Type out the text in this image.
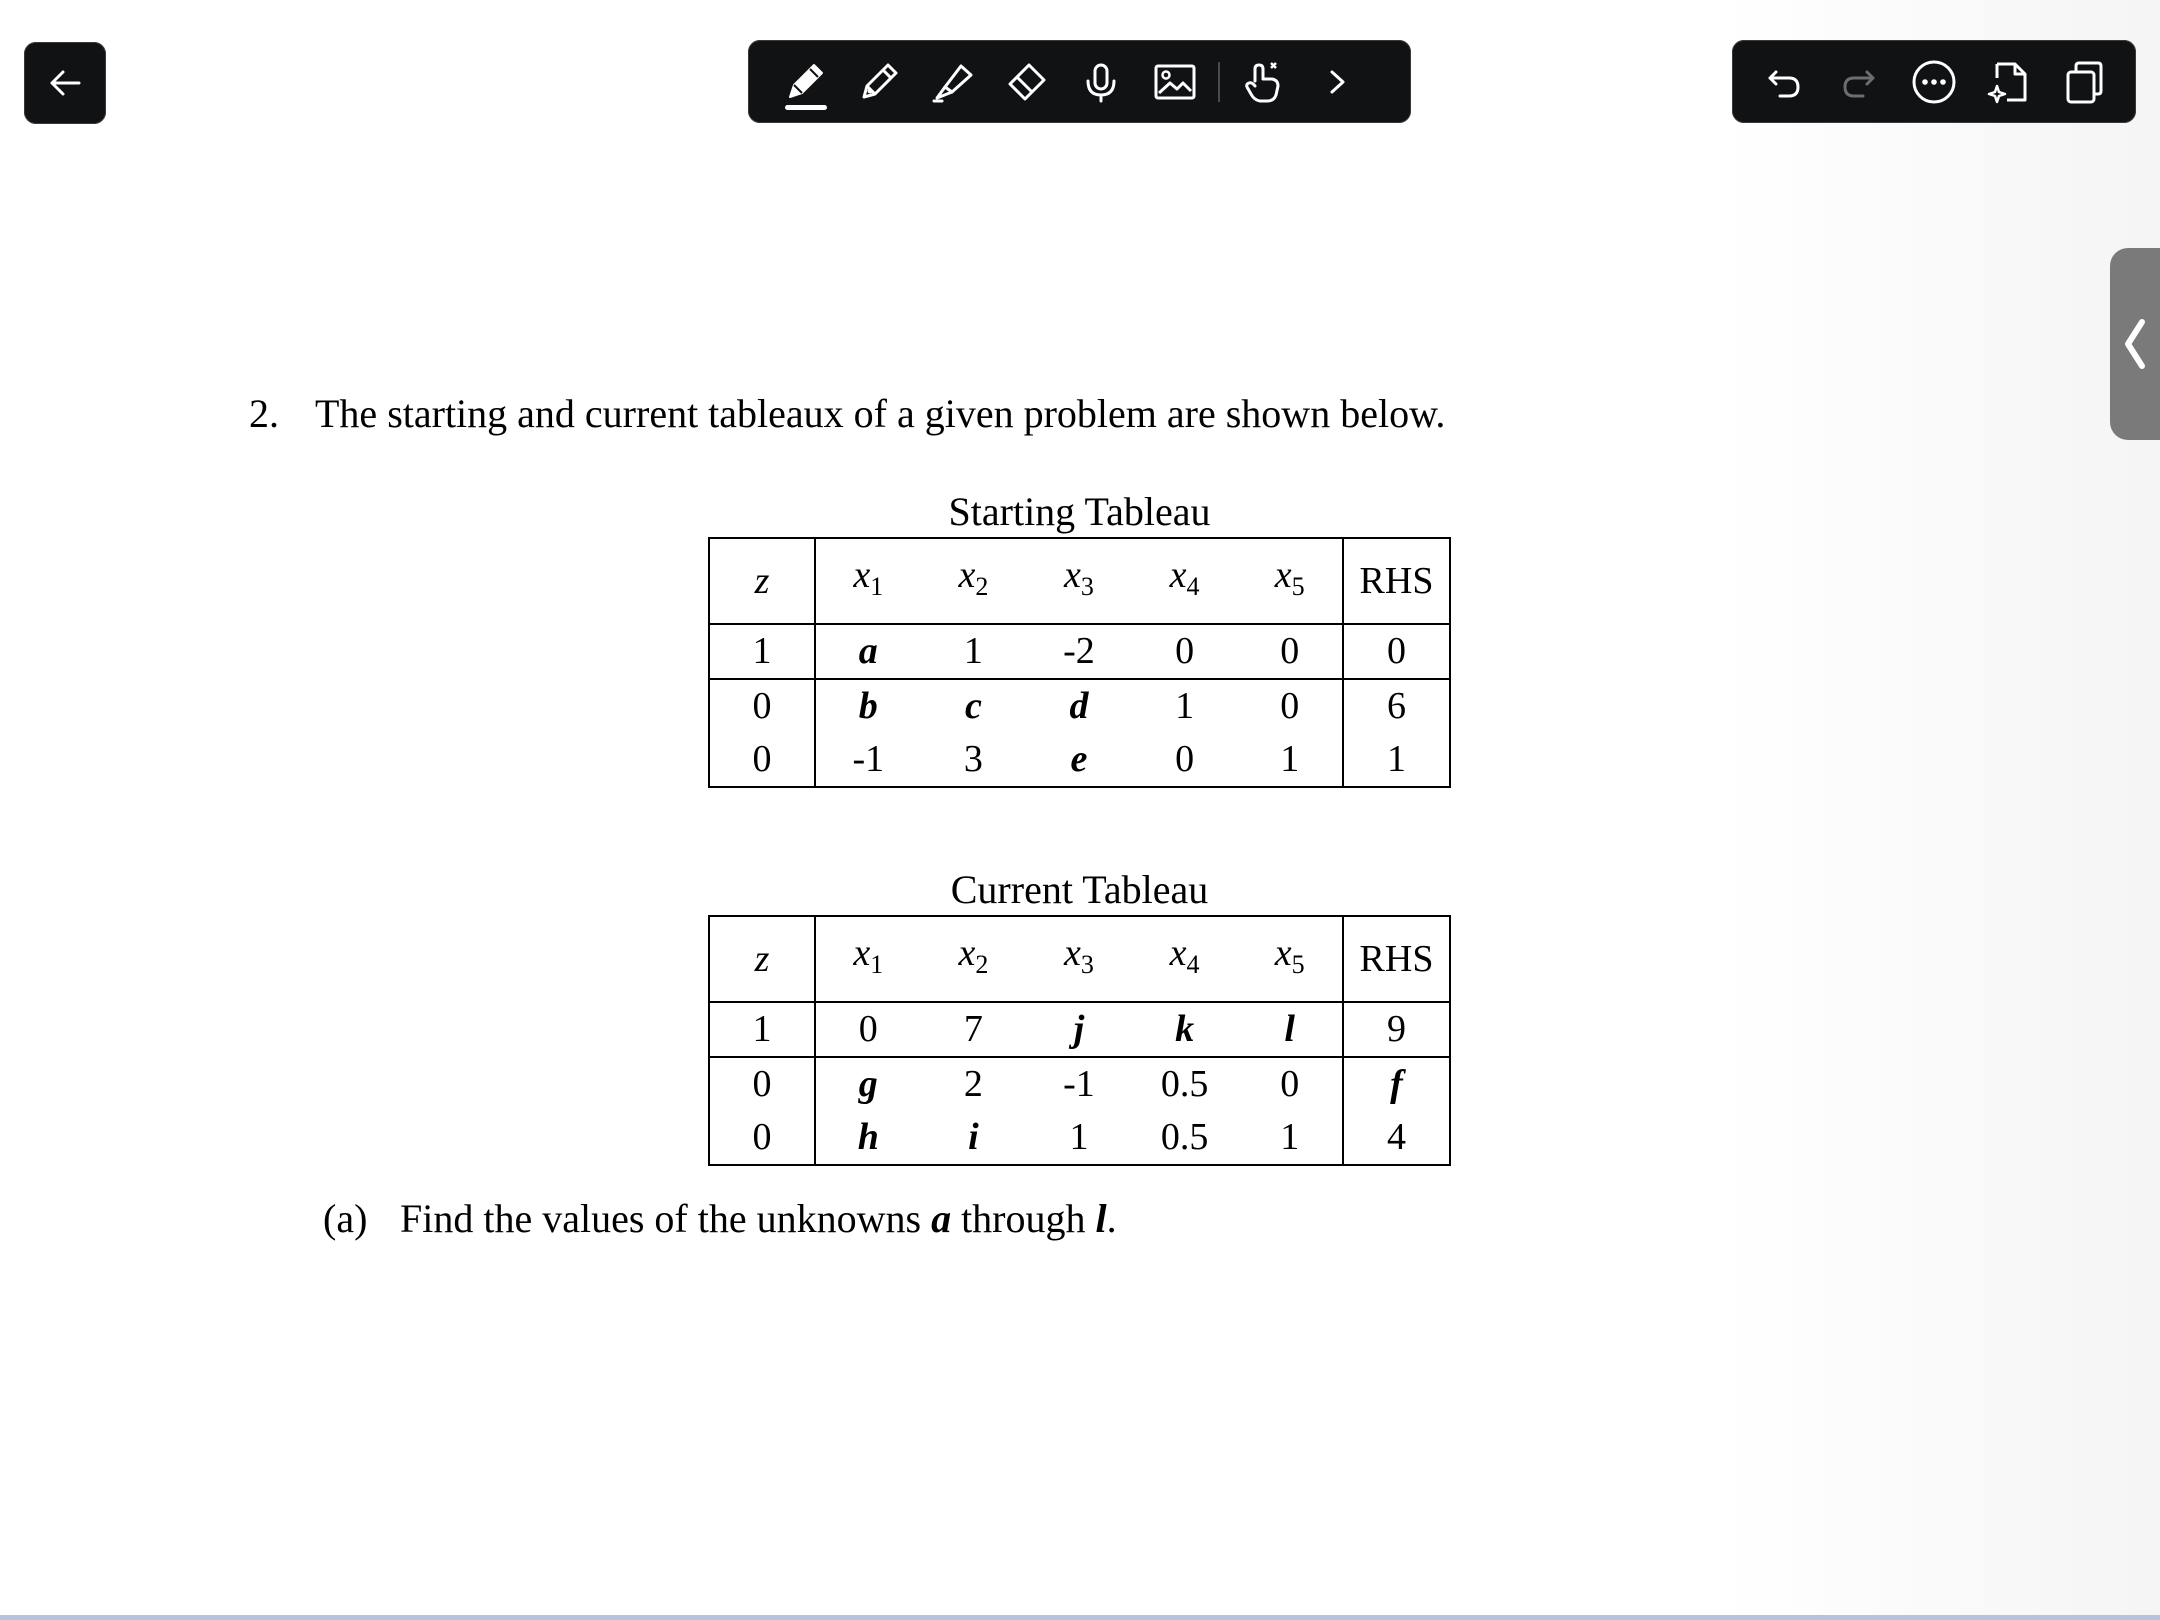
2. The starting and current tableaux of a given problem are shown below.
Starting Tableau
z	$x_1$	$x_2$	$x_3$	$x_4$	$x_5$	RHS
1	a	1	-2	0	0	0
0	b	c	d	1	0	6
0	-1	3	e	0	1	1
Current Tableau
z	$x_1$	$x_2$	$x_3$	$x_4$	$x_5$	RHS
1	0	7	j	k	l	9
0	g	2	-1	0.5	0	f
0	h	i	1	0.5	1	4
(a) Find the values of the unknowns a through l.
